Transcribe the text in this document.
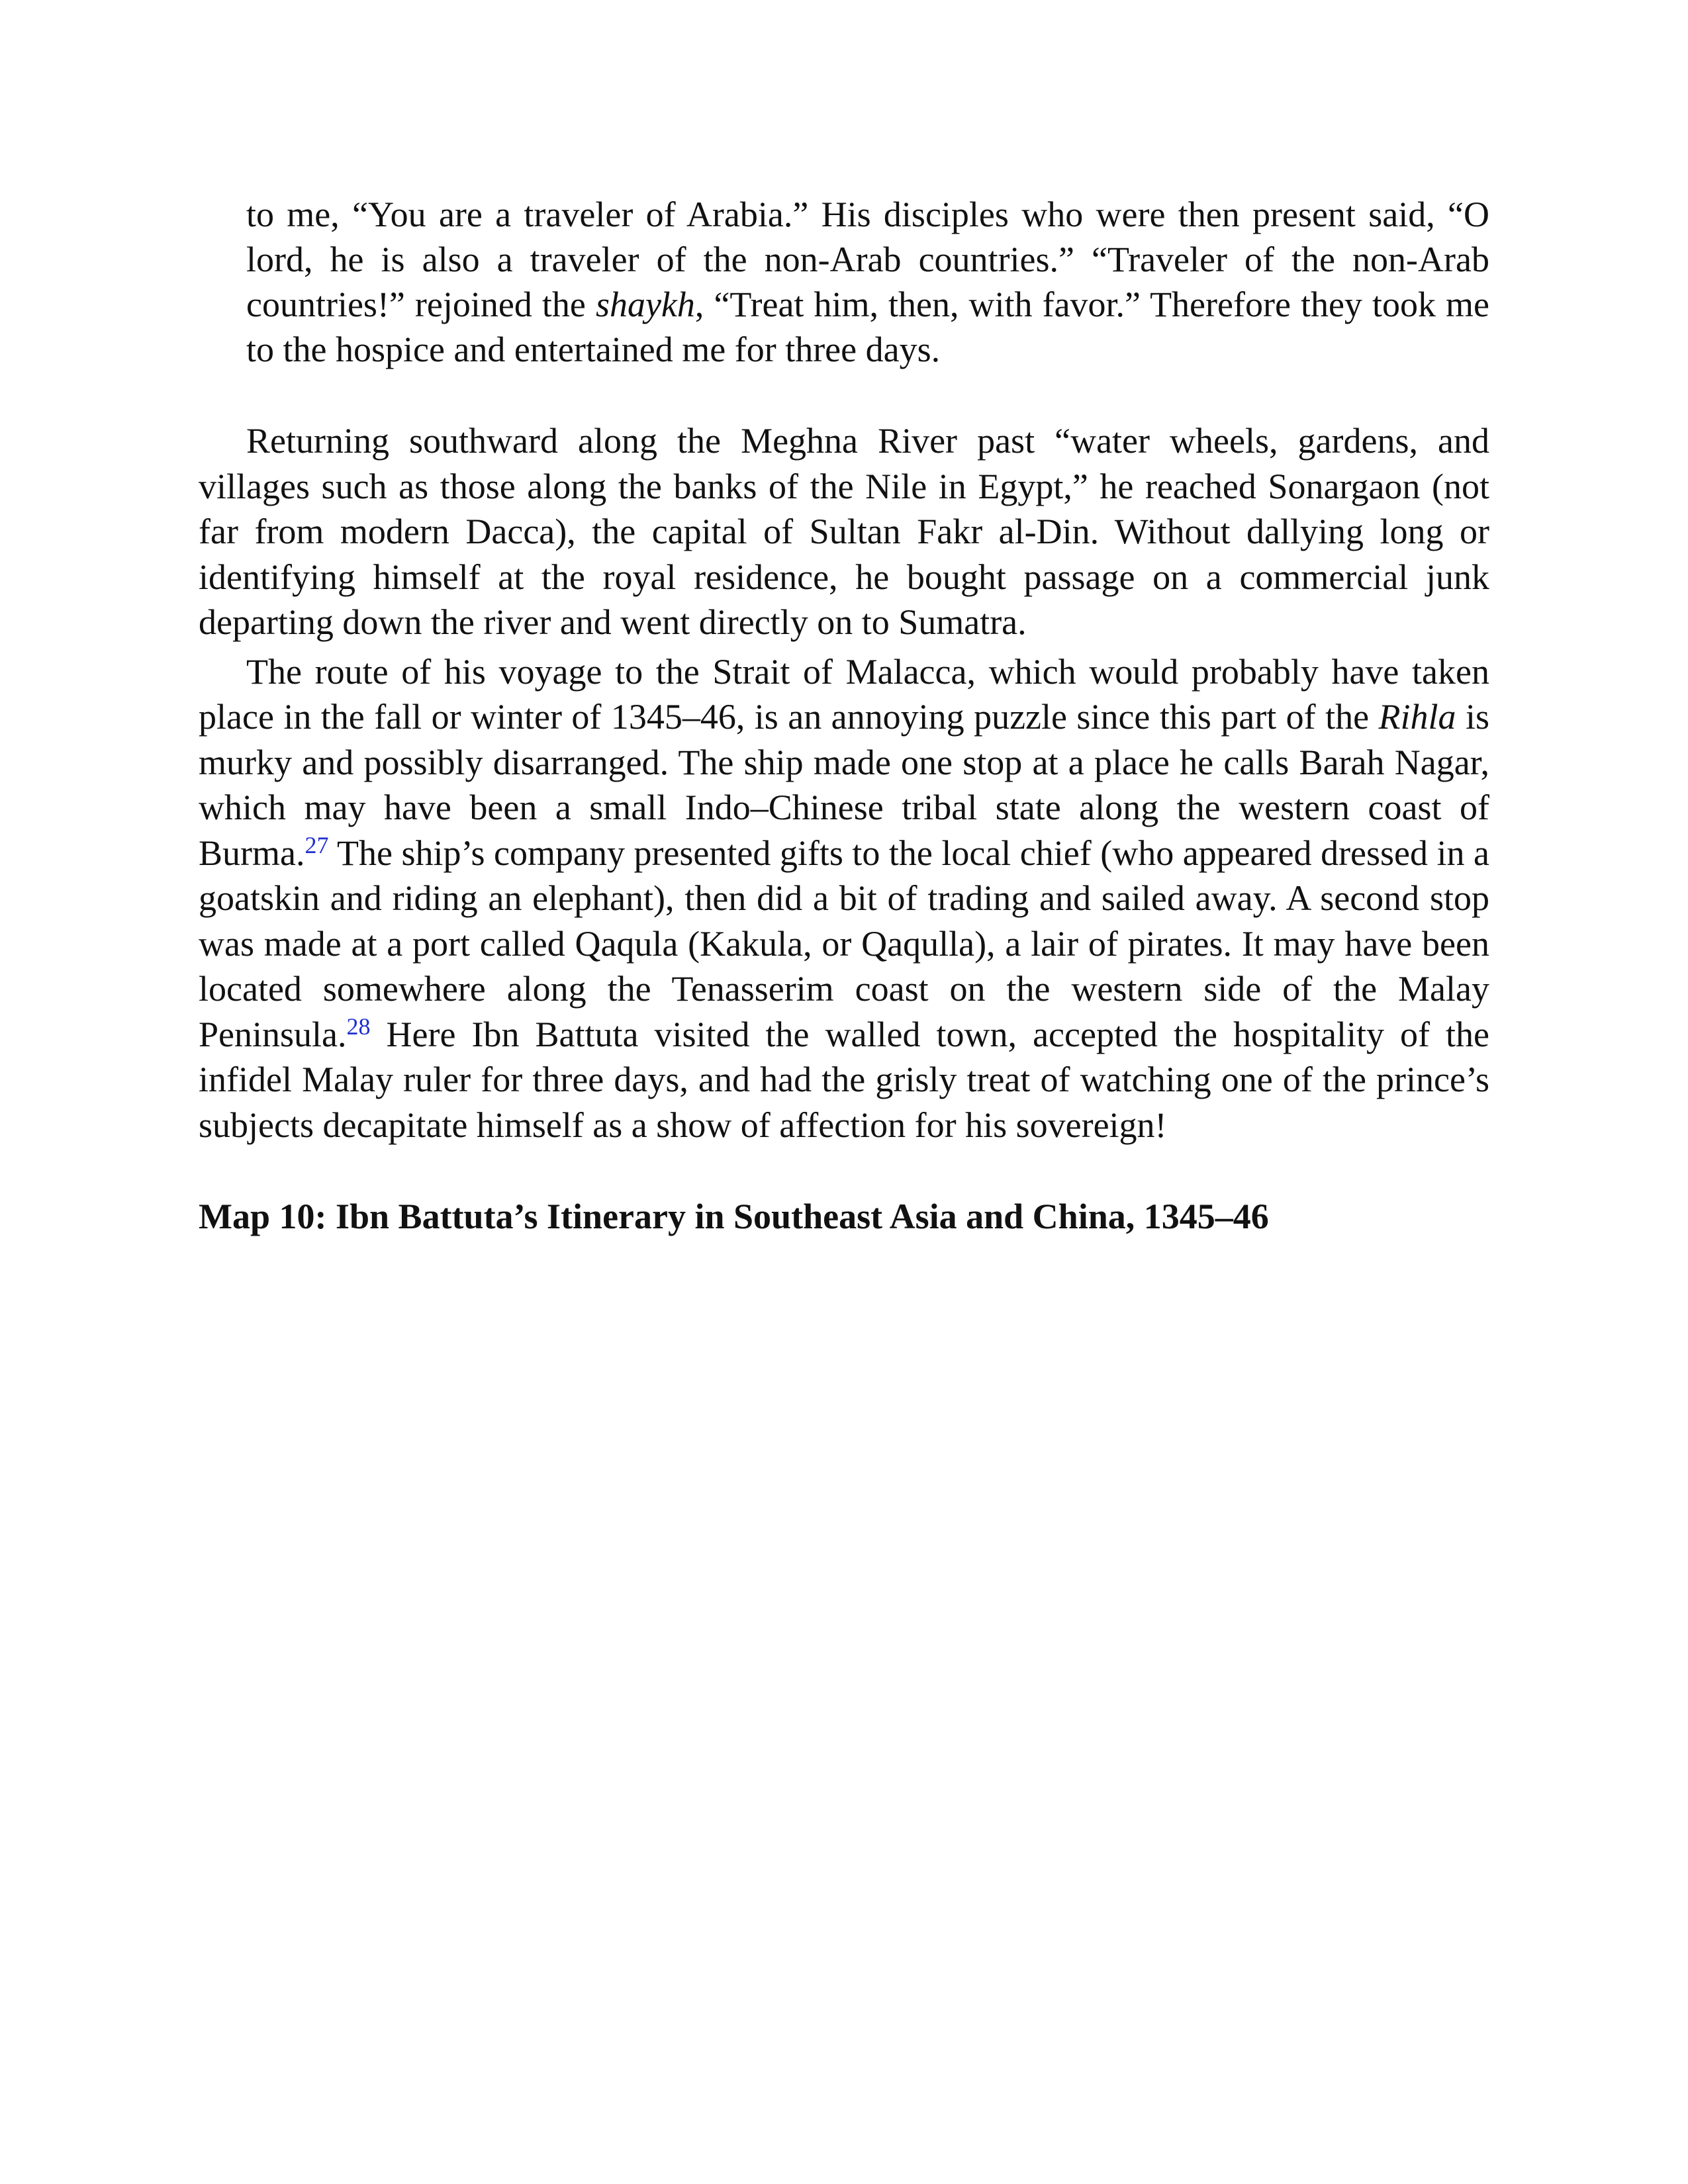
to me, “You are a traveler of Arabia.” His disciples who were then present said, “O lord, he is also a traveler of the non-Arab countries.” “Traveler of the non-Arab countries!” rejoined the shaykh, “Treat him, then, with favor.” Therefore they took me to the hospice and entertained me for three days.

Returning southward along the Meghna River past “water wheels, gardens, and villages such as those along the banks of the Nile in Egypt,” he reached Sonargaon (not far from modern Dacca), the capital of Sultan Fakr al-Din. Without dallying long or identifying himself at the royal residence, he bought passage on a commercial junk departing down the river and went directly on to Sumatra.

The route of his voyage to the Strait of Malacca, which would probably have taken place in the fall or winter of 1345–46, is an annoying puzzle since this part of the Rihla is murky and possibly disarranged. The ship made one stop at a place he calls Barah Nagar, which may have been a small Indo–Chinese tribal state along the western coast of Burma.$^{27}$ The ship’s company presented gifts to the local chief (who appeared dressed in a goatskin and riding an elephant), then did a bit of trading and sailed away. A second stop was made at a port called Qaqula (Kakula, or Qaqulla), a lair of pirates. It may have been located somewhere along the Tenasserim coast on the western side of the Malay Peninsula.$^{28}$ Here Ibn Battuta visited the walled town, accepted the hospitality of the infidel Malay ruler for three days, and had the grisly treat of watching one of the prince’s subjects decapitate himself as a show of affection for his sovereign!

Map 10: Ibn Battuta’s Itinerary in Southeast Asia and China, 1345–46
